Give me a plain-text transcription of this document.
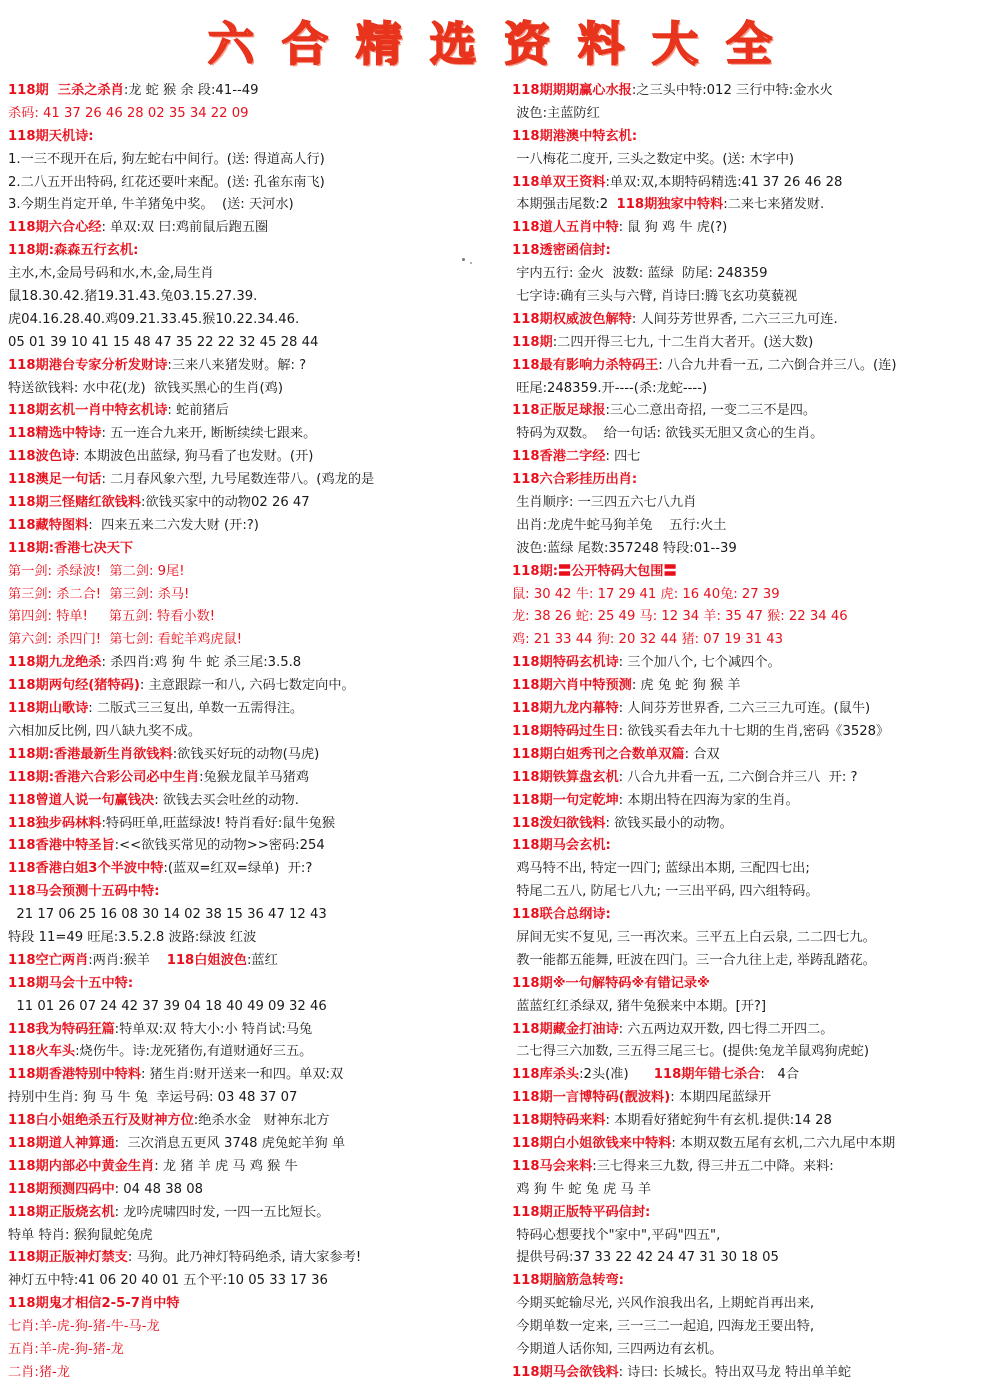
六合精选资料大全
118期  三杀之杀肖:龙 蛇 猴 余 段:41--49
杀码: 41 37 26 46 28 02 35 34 22 09
118期天机诗:
1.一三不现开在后, 狗左蛇右中间行。(送: 得道高人行)
2.二八五开出特码, 红花还要叶来配。(送: 孔雀东南飞)
3.今期生肖定开单, 牛羊猪兔中奖。  (送: 天河水)
118期六合心经: 单双:双 曰:鸡前鼠后跑五圈
118期:森森五行玄机:
主水,木,金局号码和水,木,金,局生肖
鼠18.30.42.猪19.31.43.兔03.15.27.39.
虎04.16.28.40.鸡09.21.33.45.猴10.22.34.46.
05 01 39 10 41 15 48 47 35 22 22 32 45 28 44
118期港台专家分析发财诗:三来八来猪发财。解: ?
特送欲钱料: 水中花(龙)  欲钱买黑心的生肖(鸡)
118期玄机一肖中特玄机诗: 蛇前猪后
118精选中特诗: 五一连合九来开, 断断续续七跟来。
118波色诗: 本期波色出蓝绿, 狗马看了也发财。(开)
118澳足一句话: 二月春风象六型, 九号尾数连带八。(鸡龙的是
118期三怪赌红欲钱料:欲钱买家中的动物02 26 47
118藏特图料:  四来五来二六发大财 (开:?)
118期:香港七决天下
第一剑: 杀绿波!  第二剑: 9尾!
第三剑: 杀二合!  第三剑: 杀马!
第四剑: 特单!     第五剑: 特看小数!
第六剑: 杀四门!  第七剑: 看蛇羊鸡虎鼠!
118期九龙绝杀: 杀四肖:鸡 狗 牛 蛇 杀三尾:3.5.8
118期两句经(猪特码): 主意跟踪一和八, 六码七数定向中。
118期山歌诗: 二版式三三复出, 单数一五需得注。
六相加反比例, 四八缺九奖不成。
118期:香港最新生肖欲钱料:欲钱买好玩的动物(马虎)
118期:香港六合彩公司必中生肖:兔猴龙鼠羊马猪鸡
118曾道人说一句赢钱决: 欲钱去买会吐丝的动物.
118独步码林料:特码旺单,旺蓝绿波! 特肖看好:鼠牛兔猴
118香港中特圣旨:<<欲钱买常见的动物>>密码:254
118香港白姐3个半波中特:(蓝双=红双=绿单)  开:?
118马会预测十五码中特:
21 17 06 25 16 08 30 14 02 38 15 36 47 12 43
特段 11=49 旺尾:3.5.2.8 波路:绿波 红波
118空亡两肖:两肖:猴羊    118白姐波色:蓝红
118期马会十五中特:
11 01 26 07 24 42 37 39 04 18 40 49 09 32 46
118我为特码狂篇:特单双:双 特大小:小 特肖试:马兔
118火车头:烧伤牛。诗:龙死猪伤,有道财通好三五。
118期香港特别中特料: 猪生肖:财开送来一和四。单双:双
持别中生肖: 狗 马 牛 兔  幸运号码: 03 48 37 07
118白小姐绝杀五行及财神方位:绝杀水金   财神东北方
118期道人神算通:  三次消息五更风 3748 虎兔蛇羊狗 单
118期内部必中黄金生肖: 龙 猪 羊 虎 马 鸡 猴 牛
118期预测四码中: 04 48 38 08
118期正版烧玄机: 龙吟虎啸四时发, 一四一五比短长。
特单 特肖: 猴狗鼠蛇兔虎
118期正版神灯禁支: 马狗。此乃神灯特码绝杀, 请大家参考!
神灯五中特:41 06 20 40 01 五个平:10 05 33 17 36
118期鬼才相信2-5-7肖中特
七肖:羊-虎-狗-猪-牛-马-龙
五肖:羊-虎-狗-猪-龙
二肖:猪-龙
118期期期赢心水报:之三头中特:012 三行中特:金水火
波色:主蓝防红
118期港澳中特玄机:
一八梅花二度开, 三头之数定中奖。(送: 木字中)
118单双王资料:单双:双,本期特码精选:41 37 26 46 28
本期强击尾数:2  118期独家中特料:二来七来猪发财.
118道人五肖中特: 鼠 狗 鸡 牛 虎(?)
118透密函信封:
宇内五行: 金火  波数: 蓝绿  防尾: 248359
七字诗:确有三头与六臂, 肖诗曰:腾飞玄功莫藐视
118期权威波色解特: 人间芬芳世界香, 二六三三九可连.
118期:二四开得三七九, 十二生肖大者开。(送大数)
118最有影响力杀特码王: 八合九井看一五, 二六倒合并三八。(连)
旺尾:248359.开----(杀:龙蛇----)
118正版足球报:三心二意出奇招, 一变二三不是四。
特码为双数。  给一句话: 欲钱买无胆又贪心的生肖。
118香港二字经: 四七
118六合彩挂历出肖:
生肖顺序: 一三四五六七八九肖
出肖:龙虎牛蛇马狗羊兔    五行:火土
波色:蓝绿 尾数:357248 特段:01--39
118期:〓公开特码大包围〓
鼠: 30 42 牛: 17 29 41 虎: 16 40兔: 27 39
龙: 38 26 蛇: 25 49 马: 12 34 羊: 35 47 猴: 22 34 46
鸡: 21 33 44 狗: 20 32 44 猪: 07 19 31 43
118期特码玄机诗: 三个加八个, 七个减四个。
118期六肖中特预测: 虎 兔 蛇 狗 猴 羊
118期九龙内幕特: 人间芬芳世界香, 二六三三九可连。(鼠牛)
118期特码过生日: 欲钱买看去年九十七期的生肖,密码《3528》
118期白姐秀刊之合数单双篇: 合双
118期铁算盘玄机: 八合九井看一五, 二六倒合并三八  开: ?
118期一句定乾坤: 本期出特在四海为家的生肖。
118泼妇欲钱料: 欲钱买最小的动物。
118期马会玄机:
鸡马特不出, 特定一四门; 蓝绿出本期, 三配四七出;
特尾二五八, 防尾七八九; 一三出平码, 四六组特码。
118联合总纲诗:
屏间无实不复见, 三一再次来。三平五上白云泉, 二二四七九。
教一能都五能舞, 旺波在四门。三一合九往上走, 举踌乱踏花。
118期※一句解特码※有错记录※
蓝蓝红红杀绿双, 猪牛兔猴来中本期。[开?]
118期藏金打油诗: 六五两边双开数, 四七得二开四二。
二七得三六加数, 三五得三尾三七。(提供:兔龙羊鼠鸡狗虎蛇)
118库杀头:2头(准)      118期年错七杀合:   4合
118期一言博特码(靓波料): 本期四尾蓝绿开
118期特码来料: 本期看好猪蛇狗牛有玄机.提供:14 28
118期白小姐欲钱来中特料: 本期双数五尾有玄机,二六九尾中本期
118马会来料:三七得来三九数, 得三井五二中降。来料:
鸡 狗 牛 蛇 兔 虎 马 羊
118期正版特平码信封:
特码心想要找个"家中",平码"四五",
提供号码:37 33 22 42 24 47 31 30 18 05
118期脑筋急转弯:
今期买蛇输尽光, 兴风作浪我出名, 上期蛇肖再出来,
今期单数一定来, 三一三二一起追, 四海龙王要出特,
今期道人话你知, 三四两边有玄机。
118期马会欲钱料: 诗曰: 长城长。特出双马龙 特出单羊蛇
